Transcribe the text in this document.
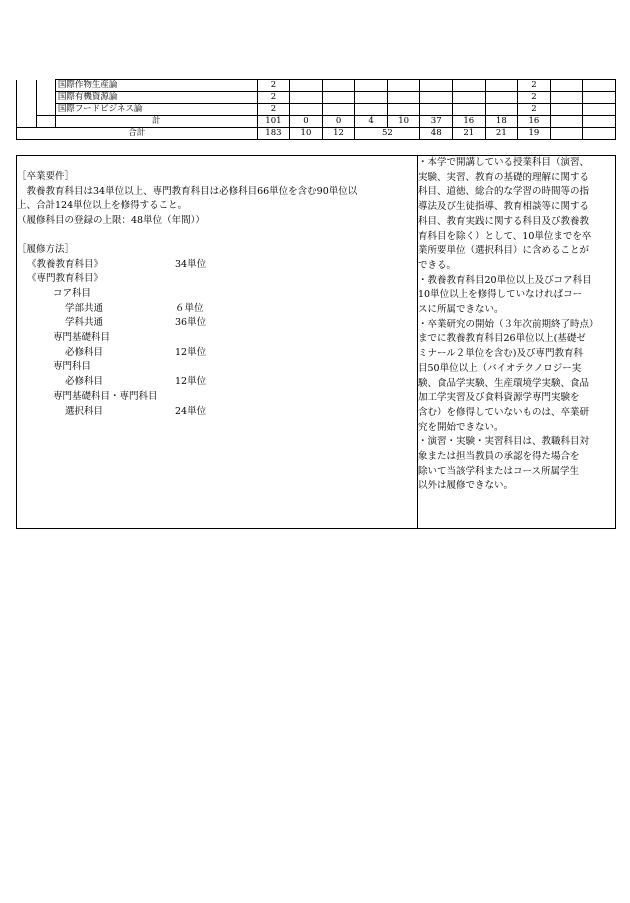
		国際作物生産論	2								2		
		国際有機資源論	2								2		
		国際フードビジネス論	2								2		
		計	101	0	0	4	10	37	16	18	16		
合計			183	10	12	52		48	21	21	19		
［卒業要件］
　教養教育科目は34単位以上、専門教育科目は必修科目66単位を含む90単位以
上、合計124単位以上を修得すること。
（履修科目の登録の上限：48単位（年間））
［履修方法］
《教養教育科目》	34単位
《専門教育科目》
コア科目
学部共通	６単位
学科共通	36単位
専門基礎科目
必修科目	12単位
専門科目
必修科目	12単位
専門基礎科目・専門科目
選択科目	24単位
・本学で開講している授業科目（演習、
実験、実習、教育の基礎的理解に関する
科目、道徳、総合的な学習の時間等の指
導法及び生徒指導、教育相談等に関する
科目、教育実践に関する科目及び教養教
育科目を除く）として、10単位までを卒
業所要単位（選択科目）に含めることが
できる。
・教養教育科目20単位以上及びコア科目
10単位以上を修得していなければコー
スに所属できない。
・卒業研究の開始（３年次前期終了時点）
までに教養教育科目26単位以上(基礎ゼ
ミナール２単位を含む)及び専門教育科
目50単位以上（バイオテクノロジー実
験、食品学実験、生産環境学実験、食品
加工学実習及び食料資源学専門実験を
含む）を修得していないものは、卒業研
究を開始できない。
・演習・実験・実習科目は、教職科目対
象または担当教員の承認を得た場合を
除いて当該学科またはコース所属学生
以外は履修できない。
